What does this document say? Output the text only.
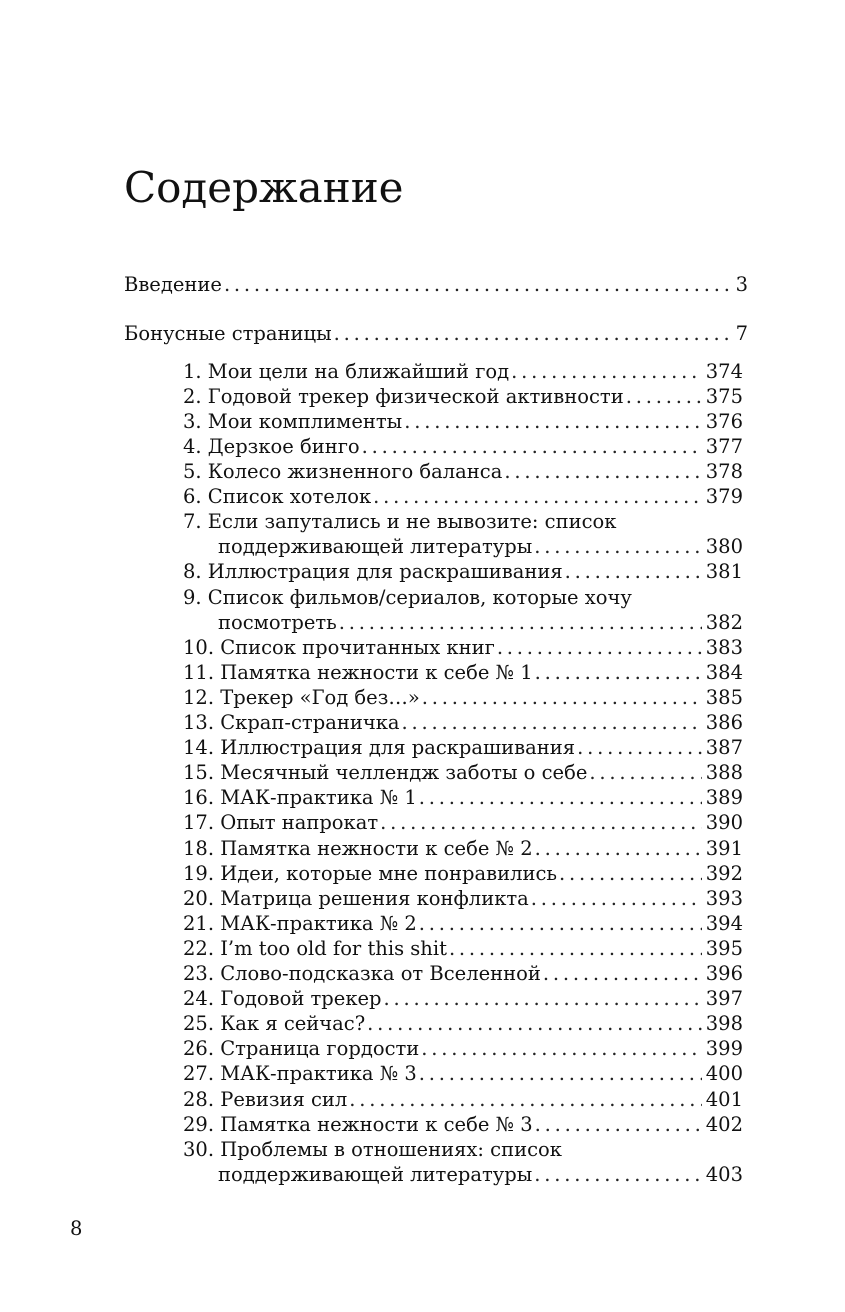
Содержание
Введение . . .	3
Бонусные страницы . . .	7
1. Мои цели на ближайший год . . .	374
2. Годовой трекер физической активности . . .	375
3. Мои комплименты . . .	376
4. Дерзкое бинго . . .	377
5. Колесо жизненного баланса . . .	378
6. Список хотелок . . .	379
7. Если запутались и не вывозите: список
поддерживающей литературы . . .	380
8. Иллюстрация для раскрашивания . . .	381
9. Список фильмов/сериалов, которые хочу
посмотреть . . .	382
10. Список прочитанных книг . . .	383
11. Памятка нежности к себе № 1 . . .	384
12. Трекер «Год без…» . . .	385
13. Скрап-страничка . . .	386
14. Иллюстрация для раскрашивания . . .	387
15. Месячный челлендж заботы о себе . . .	388
16. МАК-практика № 1 . . .	389
17. Опыт напрокат . . .	390
18. Памятка нежности к себе № 2 . . .	391
19. Идеи, которые мне понравились . . .	392
20. Матрица решения конфликта . . .	393
21. МАК-практика № 2 . . .	394
22. I’m too old for this shit . . .	395
23. Слово-подсказка от Вселенной . . .	396
24. Годовой трекер . . .	397
25. Как я сейчас? . . .	398
26. Страница гордости . . .	399
27. МАК-практика № 3 . . .	400
28. Ревизия сил . . .	401
29. Памятка нежности к себе № 3 . . .	402
30. Проблемы в отношениях: список
поддерживающей литературы . . .	403
8
